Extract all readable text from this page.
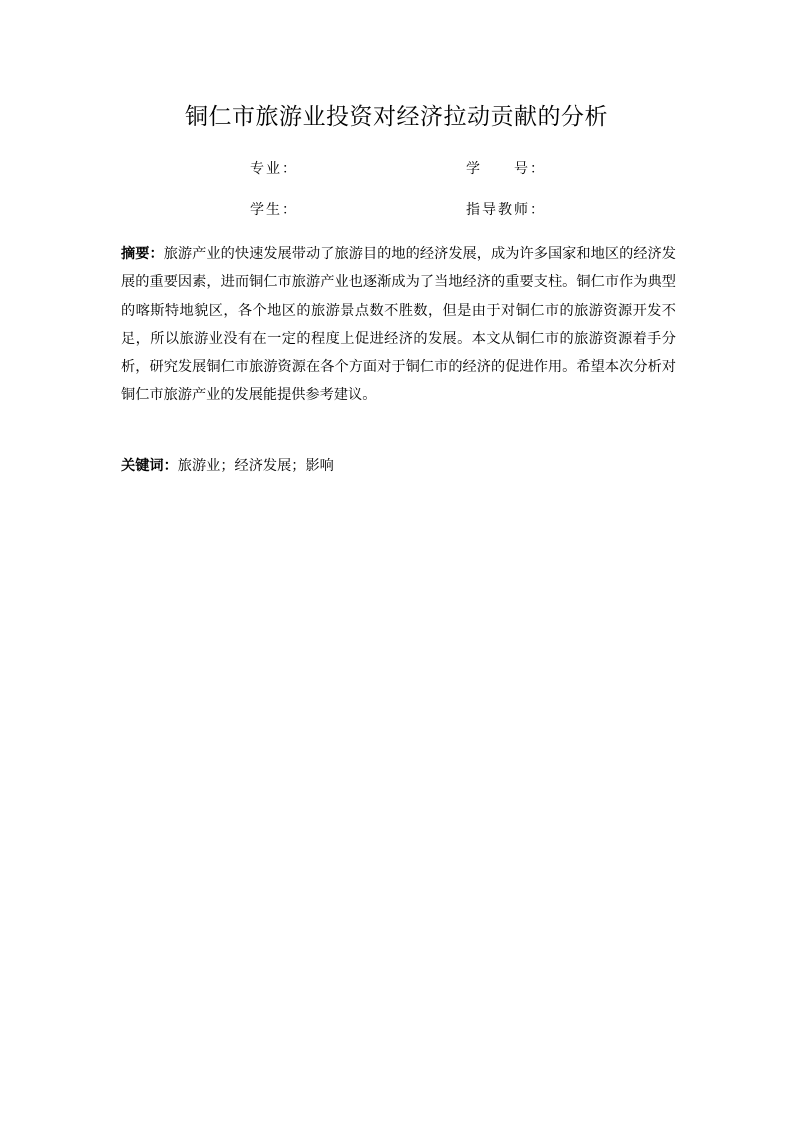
铜仁市旅游业投资对经济拉动贡献的分析
专业：	学　　号：
学生：	指导教师：
摘要：旅游产业的快速发展带动了旅游目的地的经济发展，成为许多国家和地区的经济发展的重要因素，进而铜仁市旅游产业也逐渐成为了当地经济的重要支柱。铜仁市作为典型的喀斯特地貌区，各个地区的旅游景点数不胜数，但是由于对铜仁市的旅游资源开发不足，所以旅游业没有在一定的程度上促进经济的发展。本文从铜仁市的旅游资源着手分析，研究发展铜仁市旅游资源在各个方面对于铜仁市的经济的促进作用。希望本次分析对铜仁市旅游产业的发展能提供参考建议。
关键词：旅游业；经济发展；影响
